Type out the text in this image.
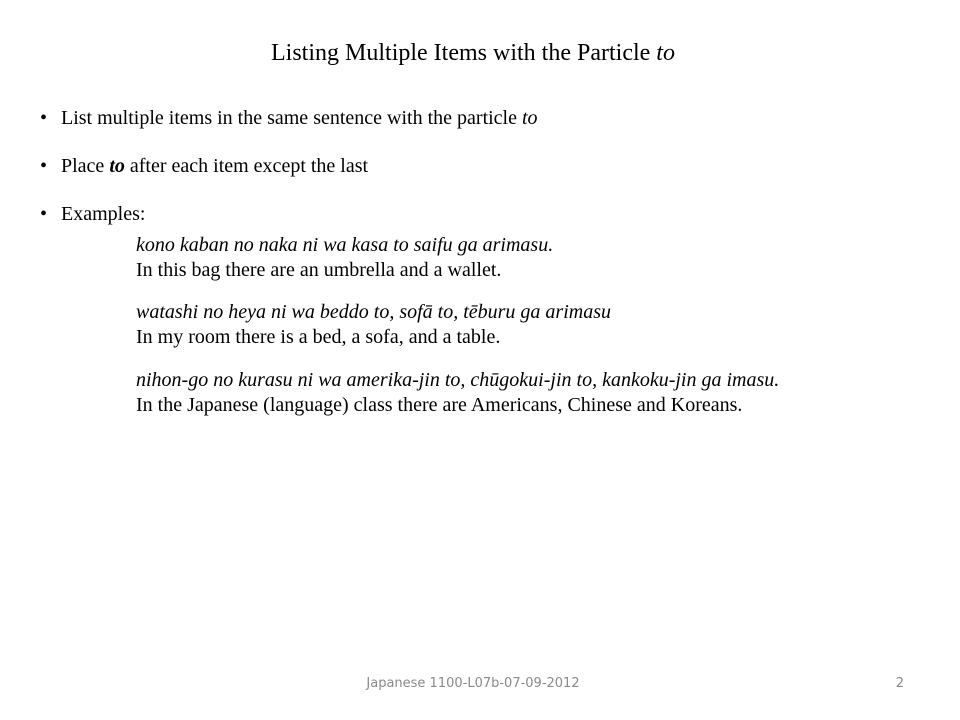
Listing Multiple Items with the Particle to
• List multiple items in the same sentence with the particle to
• Place to after each item except the last
• Examples:
kono kaban no naka ni wa kasa to saifu ga arimasu.
In this bag there are an umbrella and a wallet.
watashi no heya ni wa beddo to, sofā to, tēburu ga arimasu
In my room there is a bed, a sofa, and a table.
nihon-go no kurasu ni wa amerika-jin to, chūgokui-jin to, kankoku-jin ga imasu.
In the Japanese (language) class there are Americans, Chinese and Koreans.
Japanese 1100-L07b-07-09-2012	2
